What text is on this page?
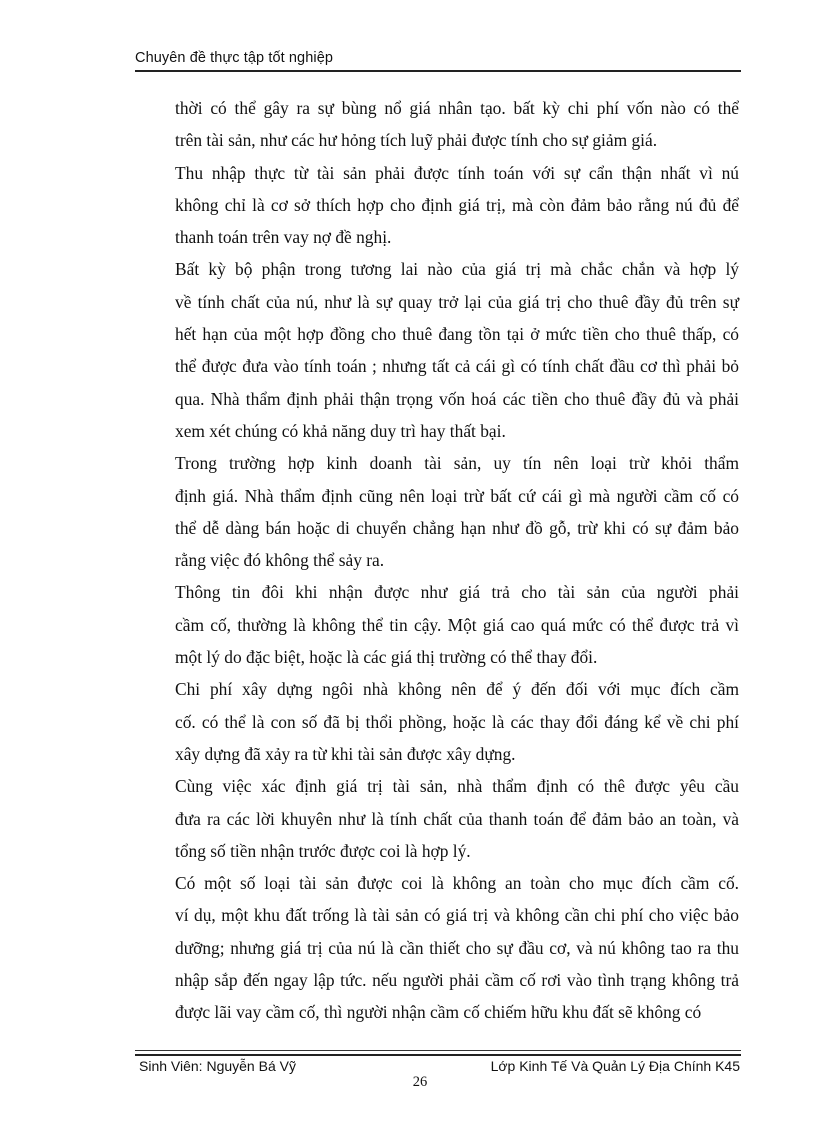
Chuyên đề thực tập tốt nghiệp

thời có thể gây ra sự bùng nổ giá nhân tạo. bất kỳ chi phí vốn nào có thể
trên tài sản, như các hư hỏng tích luỹ phải được tính cho sự giảm giá.

Thu nhập thực từ tài sản phải được tính toán với sự cẩn thận nhất vì nú
không chỉ là cơ sở thích hợp cho định giá trị, mà còn đảm bảo rằng nú đủ để
thanh toán trên vay nợ đề nghị.

Bất kỳ bộ phận trong tương lai nào của giá trị mà chắc chắn và hợp lý
về tính chất của nú, như là sự quay trở lại của giá trị cho thuê đầy đủ trên sự
hết hạn của một hợp đồng cho thuê đang tồn tại ở mức tiền cho thuê thấp, có
thể được đưa vào tính toán ; nhưng tất cả cái gì có tính chất đầu cơ thì phải bỏ
qua. Nhà thẩm định phải thận trọng vốn hoá các tiền cho thuê đầy đủ và phải
xem xét chúng có khả năng duy trì hay thất bại.

Trong trường hợp kinh doanh tài sản, uy tín nên loại trừ khỏi thẩm
định giá. Nhà thẩm định cũng nên loại trừ bất cứ cái gì mà người cầm cố có
thể dễ dàng bán hoặc di chuyển chẳng hạn như đồ gỗ, trừ khi có sự đảm bảo
rằng việc đó không thể sảy ra.

Thông tin đôi khi nhận được như giá trả cho tài sản của người phải
cầm cố, thường là không thể tin cậy. Một giá cao quá mức có thể được trả vì
một lý do đặc biệt, hoặc là các giá thị trường có thể thay đổi.

Chi phí xây dựng ngôi nhà không nên để ý đến đối với mục đích cầm
cố. có thể là con số đã bị thổi phồng, hoặc là các thay đổi đáng kể về chi phí
xây dựng đã xảy ra từ khi tài sản được xây dựng.

Cùng việc xác định giá trị tài sản, nhà thẩm định có thê được yêu cầu
đưa ra các lời khuyên như là tính chất của thanh toán để đảm bảo an toàn, và
tổng số tiền nhận trước được coi là hợp lý.

Có một số loại tài sản được coi là không an toàn cho mục đích cầm cố.
ví dụ, một khu đất trống là tài sản có giá trị và không cần chi phí cho việc bảo
dưỡng; nhưng giá trị của nú là cần thiết cho sự đầu cơ, và nú không tao ra thu
nhập sắp đến ngay lập tức. nếu người phải cầm cố rơi vào tình trạng không trả
được lãi vay cầm cố, thì người nhận cầm cố chiếm hữu khu đất sẽ không có

Sinh Viên: Nguyễn Bá Vỹ	Lớp Kinh Tế Và Quản Lý Địa Chính K45
26
